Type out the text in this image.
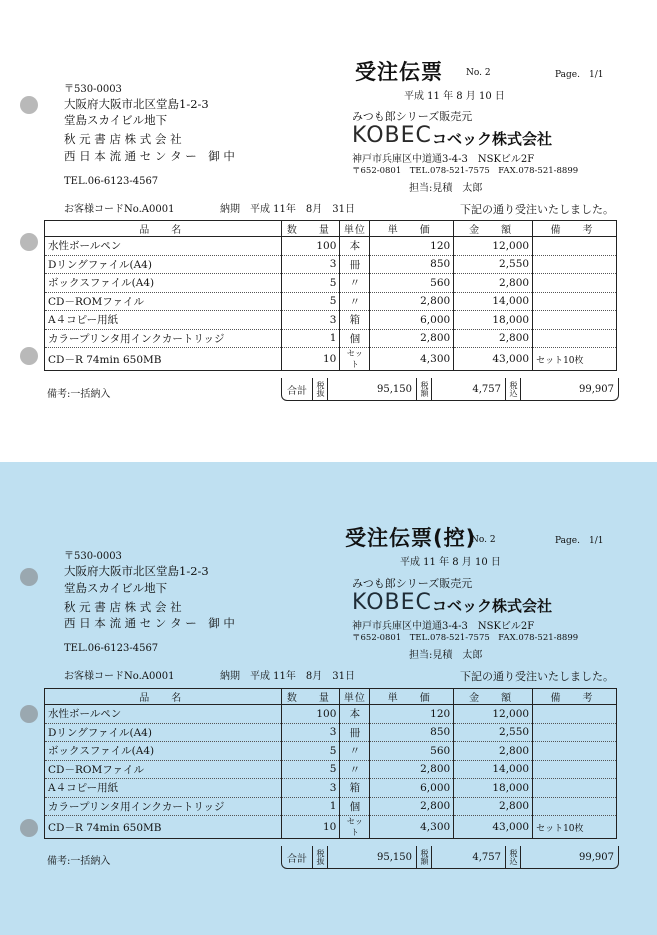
受注伝票	No. 2	Page.　1/1
平成 11 年 8 月 10 日
〒530-0003
大阪府大阪市北区堂島1-2-3
堂島スカイビル地下
秋 元 書 店 株 式 会 社
西 日 本 流 通 セ ン タ ー　御 中
TEL.06-6123-4567
お客様コードNo.A0001	納期　平成 11年　8月　31日
みつも郎シリーズ販売元
KOBEC コベック株式会社
神戸市兵庫区中道通3-4-3　NSKビル2F
〒652-0801　TEL.078-521-7575　FAX.078-521-8899
担当:見積　太郎
下記の通り受注いたしました。
品　名	数　量	単位	単　価	金　額	備　考
水性ボールペン	100	本	120	12,000	
Dリングファイル(A4)	3	冊	850	2,550	
ボックスファイル(A4)	5	〃	560	2,800	
CD－ROMファイル	5	〃	2,800	14,000	
A４コピー用紙	3	箱	6,000	18,000	
カラープリンタ用インクカートリッジ	1	個	2,800	2,800	
CD－R 74min 650MB	10	セット	4,300	43,000	セット10枚
備考:一括納入	合計	税抜	95,150	税額	4,757	税込	99,907
受注伝票(控)
No. 2	Page.　1/1
平成 11 年 8 月 10 日
〒530-0003
大阪府大阪市北区堂島1-2-3
堂島スカイビル地下
秋 元 書 店 株 式 会 社
西 日 本 流 通 セ ン タ ー　御 中
TEL.06-6123-4567
お客様コードNo.A0001	納期　平成 11年　8月　31日
みつも郎シリーズ販売元
KOBEC コベック株式会社
神戸市兵庫区中道通3-4-3　NSKビル2F
〒652-0801　TEL.078-521-7575　FAX.078-521-8899
担当:見積　太郎
下記の通り受注いたしました。
品　名	数　量	単位	単　価	金　額	備　考
水性ボールペン	100	本	120	12,000	
Dリングファイル(A4)	3	冊	850	2,550	
ボックスファイル(A4)	5	〃	560	2,800	
CD－ROMファイル	5	〃	2,800	14,000	
A４コピー用紙	3	箱	6,000	18,000	
カラープリンタ用インクカートリッジ	1	個	2,800	2,800	
CD－R 74min 650MB	10	セット	4,300	43,000	セット10枚
備考:一括納入	合計	税抜	95,150	税額	4,757	税込	99,907
